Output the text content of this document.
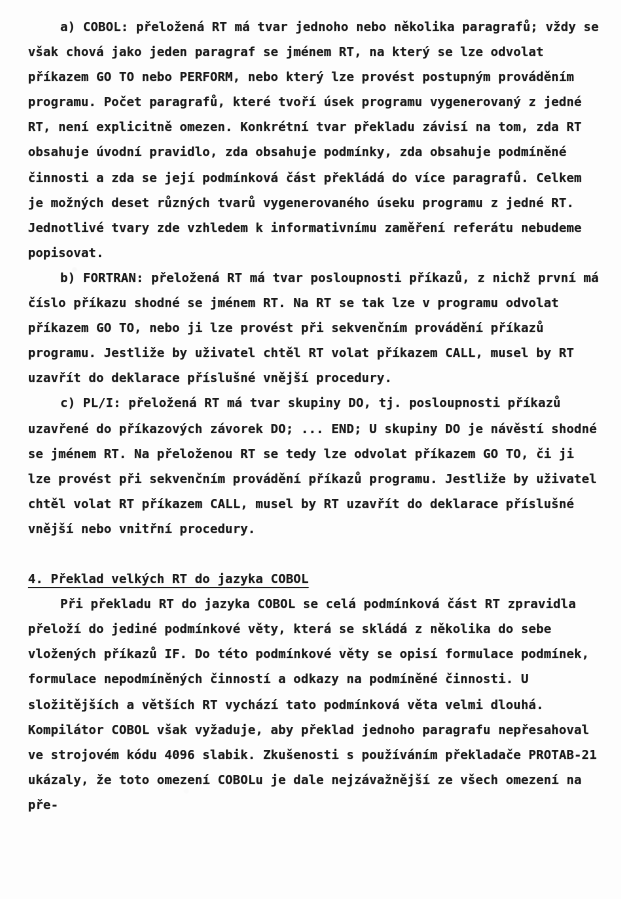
a) COBOL: přeložená RT má tvar jednoho nebo několika paragrafů; vždy se však chová jako jeden paragraf se jménem RT, na který se lze odvolat příkazem GO TO nebo PERFORM, nebo který lze provést postupným prováděním programu. Počet paragrafů, které tvoří úsek programu vygenerovaný z jedné RT, není explicitně omezen. Konkrétní tvar překladu závisí na tom, zda RT obsahuje úvodní pravidlo, zda obsahuje podmínky, zda obsahuje podmíněné činnosti a zda se její podmínková část překládá do více paragrafů. Celkem je možných deset různých tvarů vygenerovaného úseku programu z jedné RT. Jednotlivé tvary zde vzhledem k informativnímu zaměření referátu nebudeme popisovat.

b) FORTRAN: přeložená RT má tvar posloupnosti příkazů, z nichž první má číslo příkazu shodné se jménem RT. Na RT se tak lze v programu odvolat příkazem GO TO, nebo ji lze provést při sekvenčním provádění příkazů programu. Jestliže by uživatel chtěl RT volat příkazem CALL, musel by RT uzavřít do deklarace příslušné vnější procedury.

c) PL/I: přeložená RT má tvar skupiny DO, tj. posloupnosti příkazů uzavřené do příkazových závorek DO; ... END; U skupiny DO je návěstí shodné se jménem RT. Na přeloženou RT se tedy lze odvolat příkazem GO TO, či ji lze provést při sekvenčním provádění příkazů programu. Jestliže by uživatel chtěl volat RT příkazem CALL, musel by RT uzavřít do deklarace příslušné vnější nebo vnitřní procedury.

4. Překlad velkých RT do jazyka COBOL

Při překladu RT do jazyka COBOL se celá podmínková část RT zpravidla přeloží do jediné podmínkové věty, která se skládá z několika do sebe vložených příkazů IF. Do této podmínkové věty se opisí formulace podmínek, formulace nepodmíněných činností a odkazy na podmíněné činnosti. U složitějších a větších RT vychází tato podmínková věta velmi dlouhá. Kompilátor COBOL však vyžaduje, aby překlad jednoho paragrafu nepřesahoval ve strojovém kódu 4096 slabik. Zkušenosti s používáním překladače PROTAB-21 ukázaly, že toto omezení COBOLu je dale nejzávažnější ze všech omezení na pře-
